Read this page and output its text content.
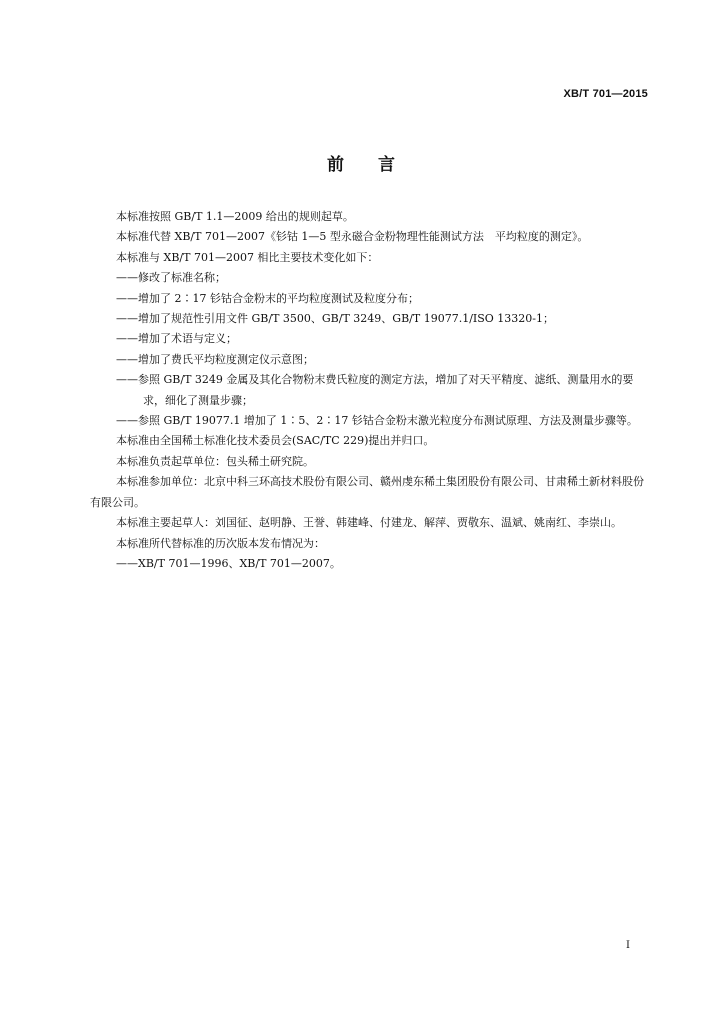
XB/T 701—2015
前 言

本标准按照 GB/T 1.1—2009 给出的规则起草。

本标准代替 XB/T 701—2007《钐钴 1—5 型永磁合金粉物理性能测试方法　平均粒度的测定》。

本标准与 XB/T 701—2007 相比主要技术变化如下：

——修改了标准名称；

——增加了 2∶17 钐钴合金粉末的平均粒度测试及粒度分布；

——增加了规范性引用文件 GB/T 3500、GB/T 3249、GB/T 19077.1/ISO 13320-1；

——增加了术语与定义；

——增加了费氏平均粒度测定仪示意图；

——参照 GB/T 3249 金属及其化合物粉末费氏粒度的测定方法，增加了对天平精度、滤纸、测量用水的要求，细化了测量步骤；

——参照 GB/T 19077.1 增加了 1∶5、2∶17 钐钴合金粉末激光粒度分布测试原理、方法及测量步骤等。

本标准由全国稀土标准化技术委员会(SAC/TC 229)提出并归口。

本标准负责起草单位：包头稀土研究院。

本标准参加单位：北京中科三环高技术股份有限公司、赣州虔东稀土集团股份有限公司、甘肃稀土新材料股份有限公司。

本标准主要起草人：刘国征、赵明静、王誉、韩建峰、付建龙、解萍、贾敬东、温斌、姚南红、李崇山。

本标准所代替标准的历次版本发布情况为：

——XB/T 701—1996、XB/T 701—2007。

I
